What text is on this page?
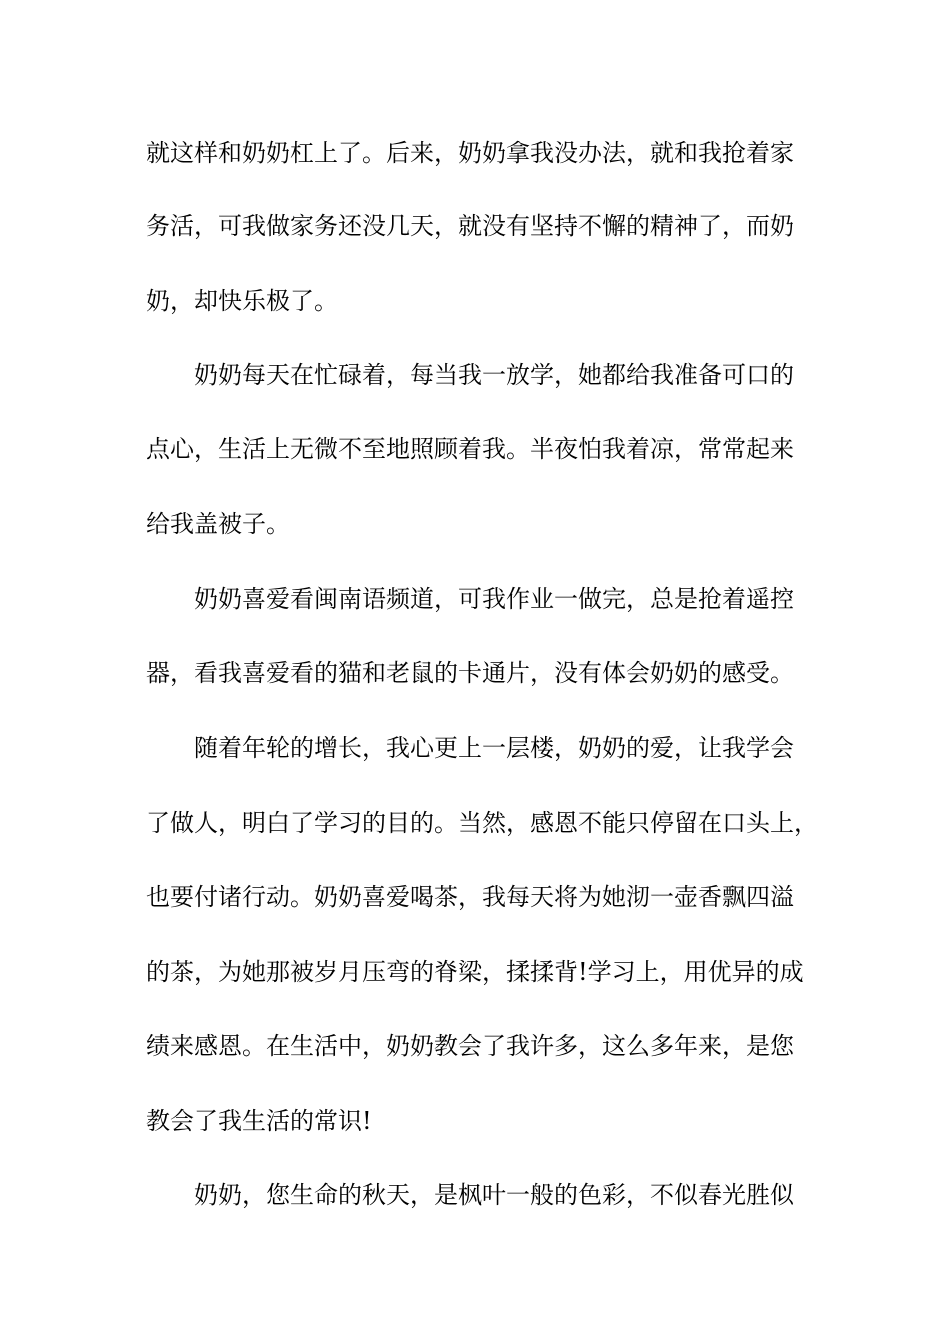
就这样和奶奶杠上了。后来，奶奶拿我没办法，就和我抢着家
务活，可我做家务还没几天，就没有坚持不懈的精神了，而奶
奶，却快乐极了。
奶奶每天在忙碌着，每当我一放学，她都给我准备可口的
点心，生活上无微不至地照顾着我。半夜怕我着凉，常常起来
给我盖被子。
奶奶喜爱看闽南语频道，可我作业一做完，总是抢着遥控
器，看我喜爱看的猫和老鼠的卡通片，没有体会奶奶的感受。
随着年轮的增长，我心更上一层楼，奶奶的爱，让我学会
了做人，明白了学习的目的。当然，感恩不能只停留在口头上，
也要付诸行动。奶奶喜爱喝茶，我每天将为她沏一壶香飘四溢
的茶，为她那被岁月压弯的脊梁，揉揉背!学习上，用优异的成
绩来感恩。在生活中，奶奶教会了我许多，这么多年来，是您
教会了我生活的常识!
奶奶，您生命的秋天，是枫叶一般的色彩，不似春光胜似
